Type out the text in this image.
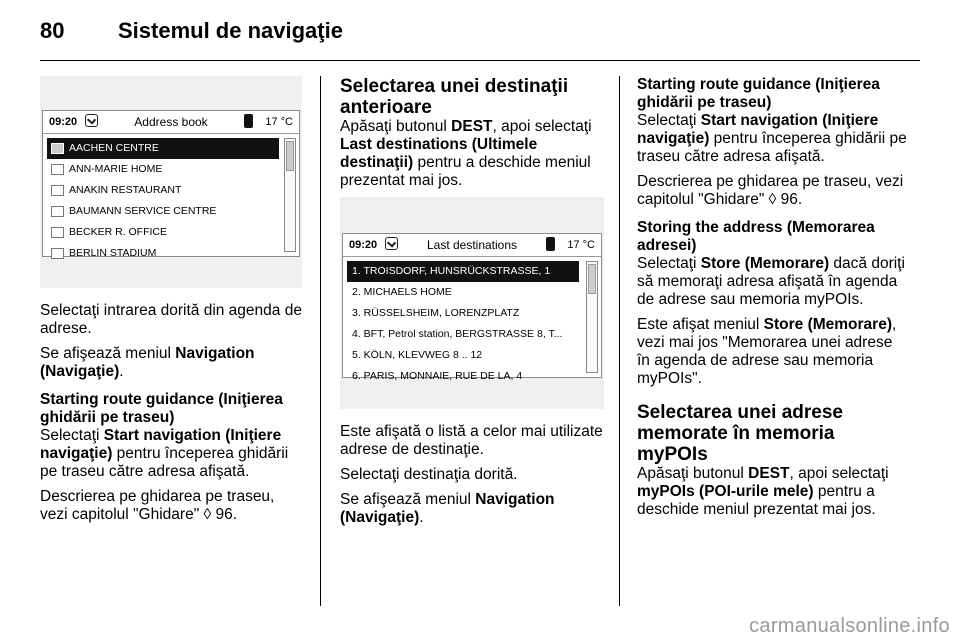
80 Sistemul de navigaţie
09:20	Address book	17 °C
AACHEN CENTRE
ANN-MARIE HOME
ANAKIN RESTAURANT
BAUMANN SERVICE CENTRE
BECKER R. OFFICE
BERLIN STADIUM

Selectaţi intrarea dorită din agenda de adrese.

Se afişează meniul Navigation (Navigaţie).

Starting route guidance (Iniţierea ghidării pe traseu)

Selectaţi Start navigation (Iniţiere navigaţie) pentru începerea ghidării pe traseu către adresa afişată.

Descrierea pe ghidarea pe traseu, vezi capitolul "Ghidare" ◊ 96.

Selectarea unei destinaţii anterioare

Apăsaţi butonul DEST, apoi selectaţi Last destinations (Ultimele destinaţii) pentru a deschide meniul prezentat mai jos.

09:20	Last destinations	17 °C
1. TROISDORF, HUNSRÜCKSTRASSE, 1
2. MICHAELS HOME
3. RÜSSELSHEIM, LORENZPLATZ
4. BFT, Petrol station, BERGSTRASSE 8, T...
5. KÖLN, KLEVWEG 8 .. 12
6. PARIS, MONNAIE, RUE DE LA, 4

Este afişată o listă a celor mai utilizate adrese de destinaţie.

Selectaţi destinaţia dorită.

Se afişează meniul Navigation (Navigaţie).

Starting route guidance (Iniţierea ghidării pe traseu)

Selectaţi Start navigation (Iniţiere navigaţie) pentru începerea ghidării pe traseu către adresa afişată.

Descrierea pe ghidarea pe traseu, vezi capitolul "Ghidare" ◊ 96.

Storing the address (Memorarea adresei)

Selectaţi Store (Memorare) dacă doriţi să memoraţi adresa afişată în agenda de adrese sau memoria myPOIs.

Este afişat meniul Store (Memorare), vezi mai jos "Memorarea unei adrese în agenda de adrese sau memoria myPOIs".

Selectarea unei adrese memorate în memoria myPOIs

Apăsaţi butonul DEST, apoi selectaţi myPOIs (POI-urile mele) pentru a deschide meniul prezentat mai jos.

carmanualsonline.info
